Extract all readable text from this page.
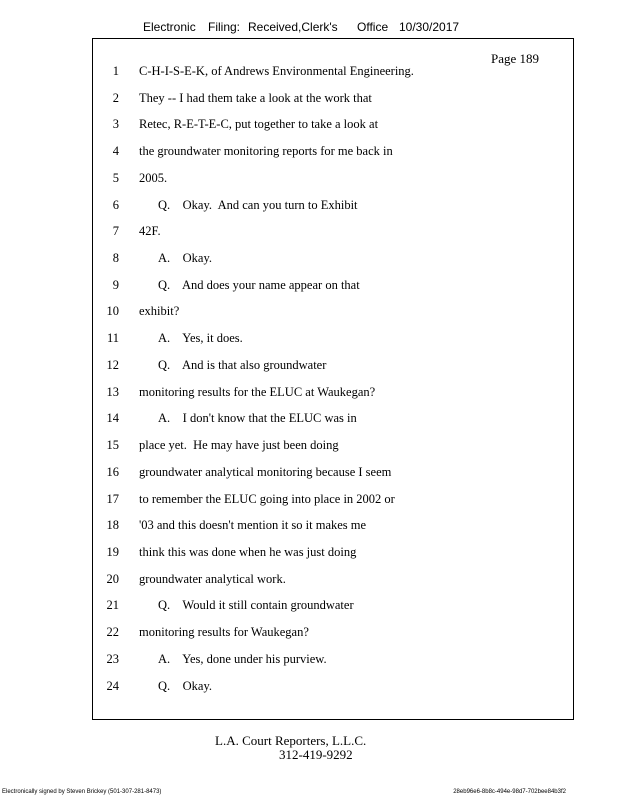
Electronic Filing: Received,Clerk's Office 10/30/2017
Page 189
1 C-H-I-S-E-K, of Andrews Environmental Engineering.
2 They -- I had them take a look at the work that
3 Retec, R-E-T-E-C, put together to take a look at
4 the groundwater monitoring reports for me back in
5 2005.
6	Q.    Okay.  And can you turn to Exhibit
7 42F.
8	A.    Okay.
9	Q.    And does your name appear on that
10 exhibit?
11	A.    Yes, it does.
12	Q.    And is that also groundwater
13 monitoring results for the ELUC at Waukegan?
14	A.    I don't know that the ELUC was in
15 place yet.  He may have just been doing
16 groundwater analytical monitoring because I seem
17 to remember the ELUC going into place in 2002 or
18 '03 and this doesn't mention it so it makes me
19 think this was done when he was just doing
20 groundwater analytical work.
21	Q.    Would it still contain groundwater
22 monitoring results for Waukegan?
23	A.    Yes, done under his purview.
24	Q.    Okay.
L.A. Court Reporters, L.L.C.
312-419-9292
Electronically signed by Steven Brickey (501-307-281-8473)	28eb96e6-8b8c-494e-98d7-702bee84b3f2
